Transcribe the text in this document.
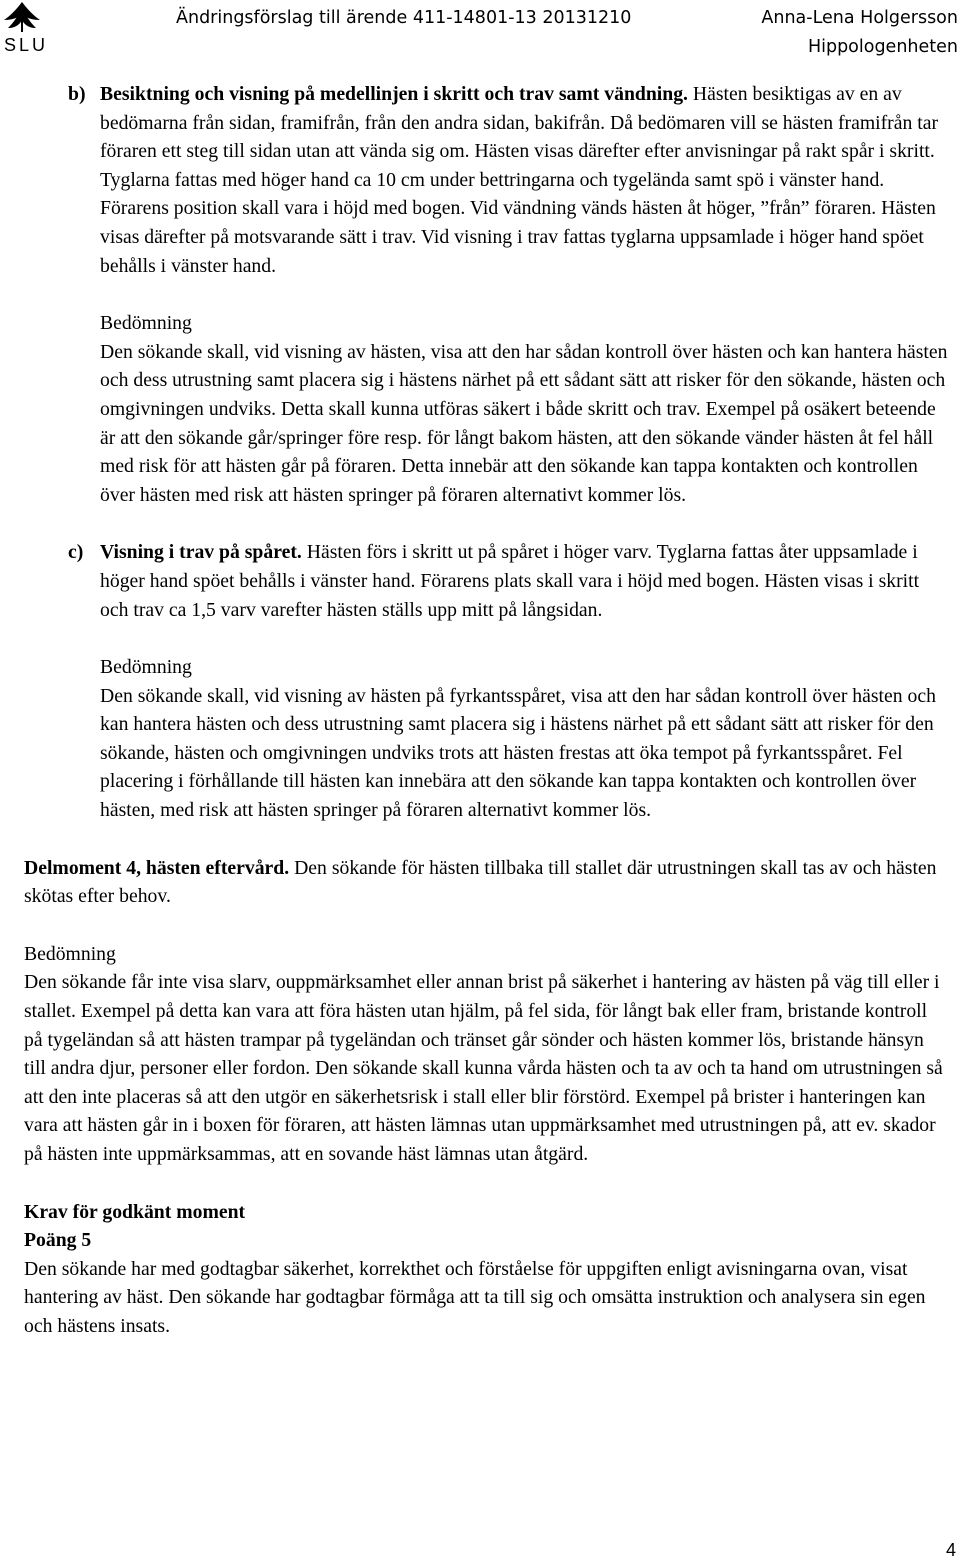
SLU
Ändringsförslag till ärende 411-14801-13 20131210	Anna-Lena Holgersson
Hippologenheten

b) Besiktning och visning på medellinjen i skritt och trav samt vändning. Hästen besiktigas av en av bedömarna från sidan, framifrån, från den andra sidan, bakifrån. Då bedömaren vill se hästen framifrån tar föraren ett steg till sidan utan att vända sig om. Hästen visas därefter efter anvisningar på rakt spår i skritt. Tyglarna fattas med höger hand ca 10 cm under bettringarna och tygelända samt spö i vänster hand. Förarens position skall vara i höjd med bogen. Vid vändning vänds hästen åt höger, ”från” föraren. Hästen visas därefter på motsvarande sätt i trav. Vid visning i trav fattas tyglarna uppsamlade i höger hand spöet behålls i vänster hand.

Bedömning
Den sökande skall, vid visning av hästen, visa att den har sådan kontroll över hästen och kan hantera hästen och dess utrustning samt placera sig i hästens närhet på ett sådant sätt att risker för den sökande, hästen och omgivningen undviks. Detta skall kunna utföras säkert i både skritt och trav. Exempel på osäkert beteende är att den sökande går/springer före resp. för långt bakom hästen, att den sökande vänder hästen åt fel håll med risk för att hästen går på föraren. Detta innebär att den sökande kan tappa kontakten och kontrollen över hästen med risk att hästen springer på föraren alternativt kommer lös.

c) Visning i trav på spåret. Hästen förs i skritt ut på spåret i höger varv. Tyglarna fattas åter uppsamlade i höger hand spöet behålls i vänster hand. Förarens plats skall vara i höjd med bogen. Hästen visas i skritt och trav ca 1,5 varv varefter hästen ställs upp mitt på långsidan.

Bedömning
Den sökande skall, vid visning av hästen på fyrkantsspåret, visa att den har sådan kontroll över hästen och kan hantera hästen och dess utrustning samt placera sig i hästens närhet på ett sådant sätt att risker för den sökande, hästen och omgivningen undviks trots att hästen frestas att öka tempot på fyrkantsspåret. Fel placering i förhållande till hästen kan innebära att den sökande kan tappa kontakten och kontrollen över hästen, med risk att hästen springer på föraren alternativt kommer lös.

Delmoment 4, hästen eftervård. Den sökande för hästen tillbaka till stallet där utrustningen skall tas av och hästen skötas efter behov.

Bedömning
Den sökande får inte visa slarv, ouppmärksamhet eller annan brist på säkerhet i hantering av hästen på väg till eller i stallet. Exempel på detta kan vara att föra hästen utan hjälm, på fel sida, för långt bak eller fram, bristande kontroll på tygeländan så att hästen trampar på tygeländan och tränset går sönder och hästen kommer lös, bristande hänsyn till andra djur, personer eller fordon. Den sökande skall kunna vårda hästen och ta av och ta hand om utrustningen så att den inte placeras så att den utgör en säkerhetsrisk i stall eller blir förstörd. Exempel på brister i hanteringen kan vara att hästen går in i boxen för föraren, att hästen lämnas utan uppmärksamhet med utrustningen på, att ev. skador på hästen inte uppmärksammas, att en sovande häst lämnas utan åtgärd.

Krav för godkänt moment
Poäng 5
Den sökande har med godtagbar säkerhet, korrekthet och förståelse för uppgiften enligt avisningarna ovan, visat hantering av häst. Den sökande har godtagbar förmåga att ta till sig och omsätta instruktion och analysera sin egen och hästens insats.

4
